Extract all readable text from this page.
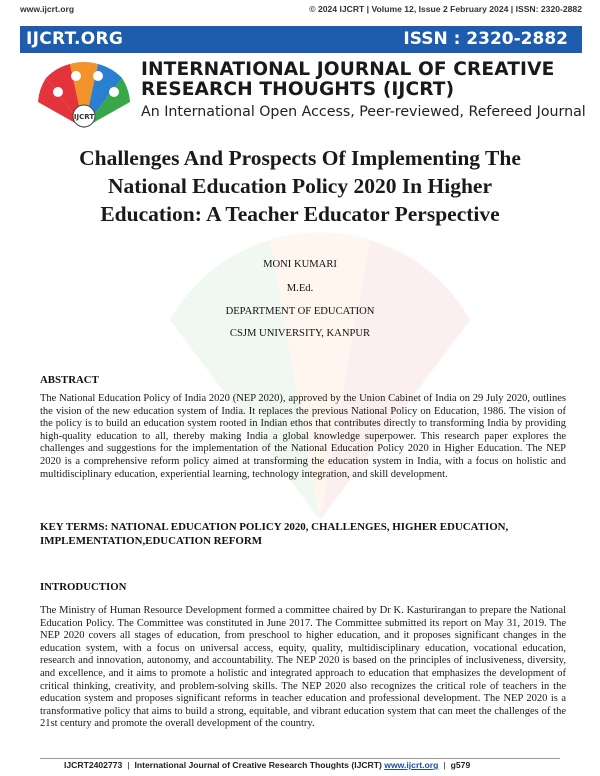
www.ijcrt.org	© 2024 IJCRT | Volume 12, Issue 2 February 2024 | ISSN: 2320-2882
IJCRT.ORG	ISSN : 2320-2882
IJCRT
INTERNATIONAL JOURNAL OF CREATIVE
RESEARCH THOUGHTS (IJCRT)
An International Open Access, Peer-reviewed, Refereed Journal
Challenges And Prospects Of Implementing The
National Education Policy 2020 In Higher
Education: A Teacher Educator Perspective
MONI KUMARI
M.Ed.
DEPARTMENT OF EDUCATION
CSJM UNIVERSITY, KANPUR
ABSTRACT
The National Education Policy of India 2020 (NEP 2020), approved by the Union Cabinet of India on 29 July 2020, outlines the vision of the new education system of India. It replaces the previous National Policy on Education, 1986. The vision of the policy is to build an education system rooted in Indian ethos that contributes directly to transforming India by providing high-quality education to all, thereby making India a global knowledge superpower. This research paper explores the challenges and suggestions for the implementation of the National Education Policy 2020 in Higher Education. The NEP 2020 is a comprehensive reform policy aimed at transforming the education system in India, with a focus on holistic and multidisciplinary education, experiential learning, technology integration, and skill development.
KEY TERMS: NATIONAL EDUCATION POLICY 2020, CHALLENGES, HIGHER EDUCATION, IMPLEMENTATION,EDUCATION REFORM
INTRODUCTION
The Ministry of Human Resource Development formed a committee chaired by Dr K. Kasturirangan to prepare the National Education Policy. The Committee was constituted in June 2017. The Committee submitted its report on May 31, 2019. The NEP 2020 covers all stages of education, from preschool to higher education, and it proposes significant changes in the education system, with a focus on universal access, equity, quality, multidisciplinary education, vocational education, research and innovation, autonomy, and accountability. The NEP 2020 is based on the principles of inclusiveness, diversity, and excellence, and it aims to promote a holistic and integrated approach to education that emphasizes the development of critical thinking, creativity, and problem-solving skills. The NEP 2020 also recognizes the critical role of teachers in the education system and proposes significant reforms in teacher education and professional development. The NEP 2020 is a transformative policy that aims to build a strong, equitable, and vibrant education system that can meet the challenges of the 21st century and promote the overall development of the country.
IJCRT2402773 | International Journal of Creative Research Thoughts (IJCRT) www.ijcrt.org | g579
